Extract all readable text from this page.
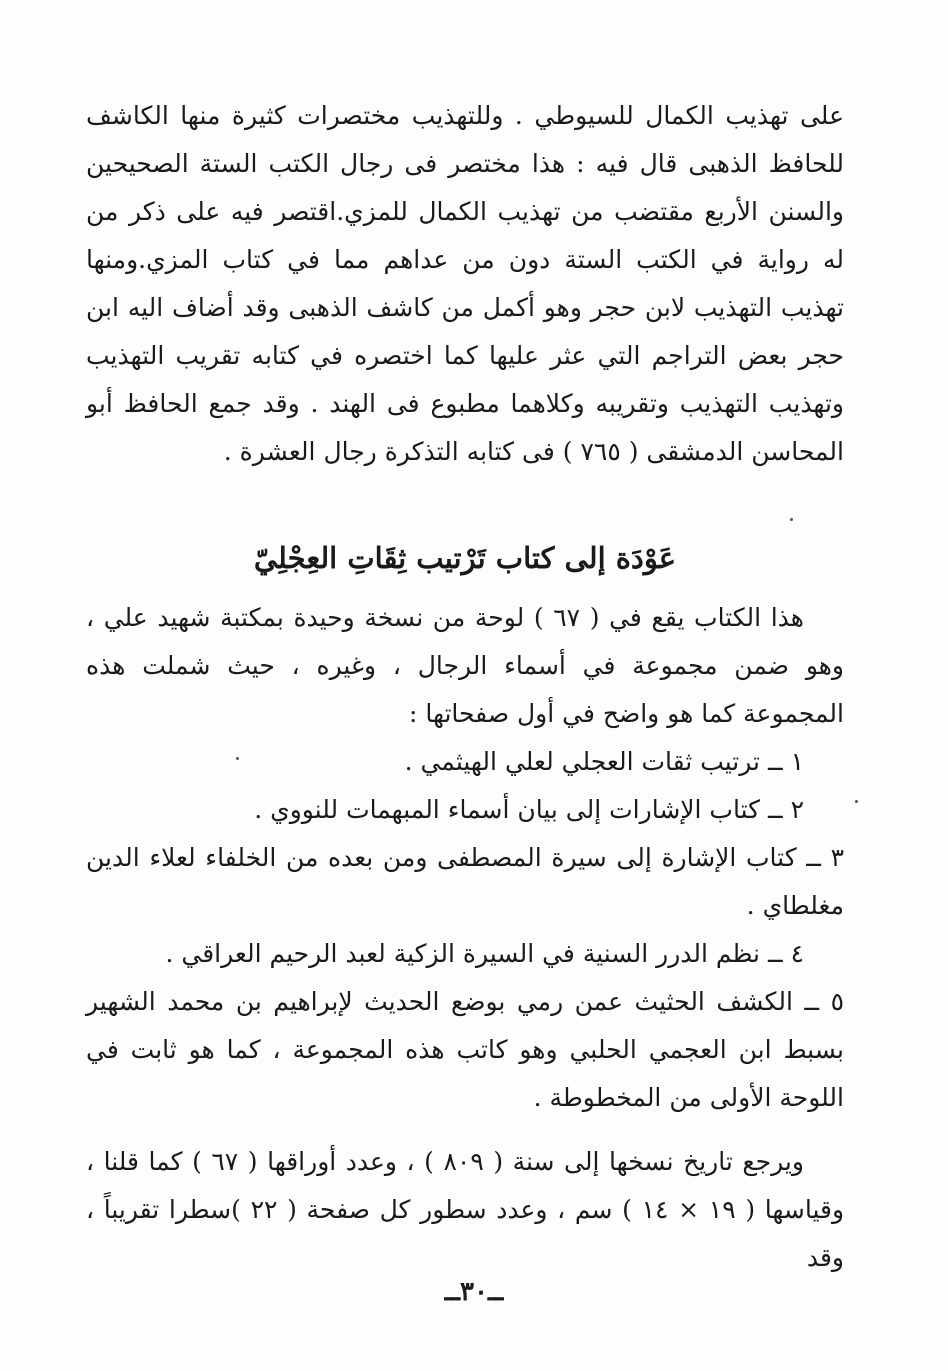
على تهذيب الكمال للسيوطي . وللتهذيب مختصرات كثيرة منها الكاشف للحافظ الذهبى قال فيه : هذا مختصر فى رجال الكتب الستة الصحيحين والسنن الأربع مقتضب من تهذيب الكمال للمزي.اقتصر فيه على ذكر من له رواية في الكتب الستة دون من عداهم مما في كتاب المزي.ومنها تهذيب التهذيب لابن حجر وهو أكمل من كاشف الذهبى وقد أضاف اليه ابن حجر بعض التراجم التي عثر عليها كما اختصره في كتابه تقريب التهذيب وتهذيب التهذيب وتقريبه وكلاهما مطبوع فى الهند . وقد جمع الحافظ أبو المحاسن الدمشقى ( ٧٦٥ ) فى كتابه التذكرة رجال العشرة .

عَوْدَة إلى كتاب تَرْتيب ثِقَاتِ العِجْلِيّ

هذا الكتاب يقع في ( ٦٧ ) لوحة من نسخة وحيدة بمكتبة شهيد علي ، وهو ضمن مجموعة في أسماء الرجال ، وغيره ، حيث شملت هذه المجموعة كما هو واضح في أول صفحاتها :

١ ــ ترتيب ثقات العجلي لعلي الهيثمي .
٢ ــ كتاب الإشارات إلى بيان أسماء المبهمات للنووي .
٣ ــ كتاب الإشارة إلى سيرة المصطفى ومن بعده من الخلفاء لعلاء الدين مغلطاي .
٤ ــ نظم الدرر السنية في السيرة الزكية لعبد الرحيم العراقي .
٥ ــ الكشف الحثيث عمن رمي بوضع الحديث لإبراهيم بن محمد الشهير بسبط ابن العجمي الحلبي وهو كاتب هذه المجموعة ، كما هو ثابت في اللوحة الأولى من المخطوطة .

ويرجع تاريخ نسخها إلى سنة ( ٨٠٩ ) ، وعدد أوراقها ( ٦٧ ) كما قلنا ، وقياسها ( ١٩ × ١٤ ) سم ، وعدد سطور كل صفحة ( ٢٢ )سطرا تقريباً ، وقد

ــ٣٠ــ
